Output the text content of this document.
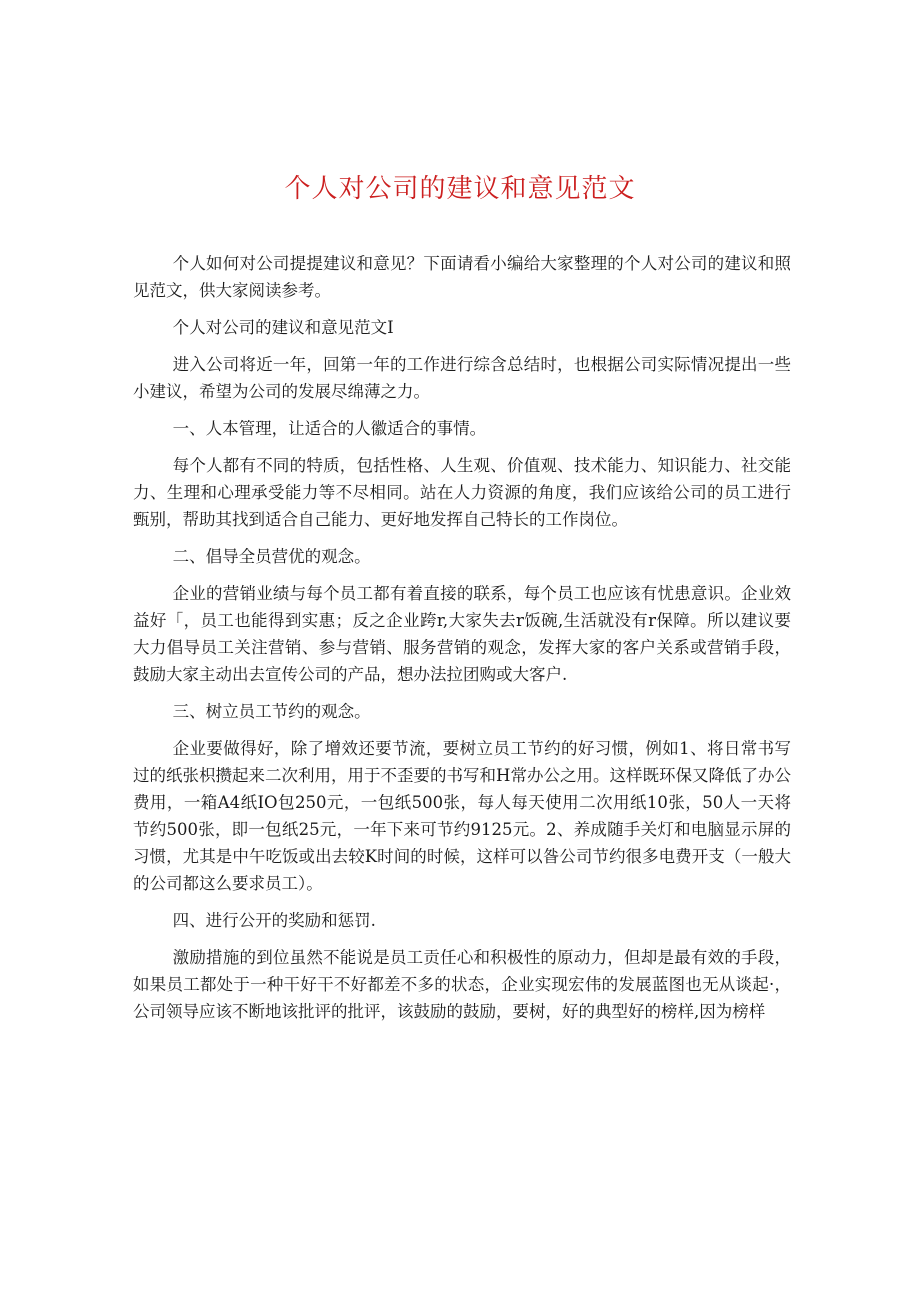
个人对公司的建议和意见范文

个人如何对公司提提建议和意见？下面请看小编给大家整理的个人对公司的建议和照见范文，供大家阅读参考。

个人对公司的建议和意见范文I

进入公司将近一年，回第一年的工作进行综含总结时，也根据公司实际情况提出一些小建议，希望为公司的发展尽绵薄之力。

一、人本管理，让适合的人徽适合的事情。

每个人都有不同的特质，包括性格、人生观、价值观、技术能力、知识能力、社交能力、生理和心理承受能力等不尽相同。站在人力资源的角度，我们应该给公司的员工进行甄别，帮助其找到适合自己能力、更好地发挥自己特长的工作岗位。

二、倡导全员营优的观念。

企业的营销业绩与每个员工都有着直接的联系，每个员工也应该有忧患意识。企业效益好「，员工也能得到实惠；反之企业跨r,大家失去r饭碗,生活就没有r保障。所以建议要大力倡导员工关注营销、参与营销、服务营销的观念，发挥大家的客户关系或营销手段，鼓励大家主动出去宣传公司的产品，想办法拉团购或大客户.

三、树立员工节约的观念。

企业要做得好，除了增效还要节流，要树立员工节约的好习惯，例如1、将日常书写过的纸张枳攒起来二次利用，用于不歪要的书写和H常办公之用。这样既环保又降低了办公费用，一箱A4纸IO包250元，一包纸500张，每人每天使用二次用纸10张，50人一天将节约500张，即一包纸25元，一年下来可节约9125元。2、养成随手关灯和电脑显示屏的习惯，尤其是中午吃饭或出去较K时间的时候，这样可以昝公司节约很多电费开支（一般大的公司都这么要求员工）。

四、进行公开的奖励和惩罚.

激励措施的到位虽然不能说是员工贡任心和积极性的原动力，但却是最有效的手段，如果员工都处于一种干好干不好都差不多的状态，企业实现宏伟的发展蓝图也无从谈起·，公司领导应该不断地该批评的批评，该鼓励的鼓励，要树，好的典型好的榜样,因为榜样
